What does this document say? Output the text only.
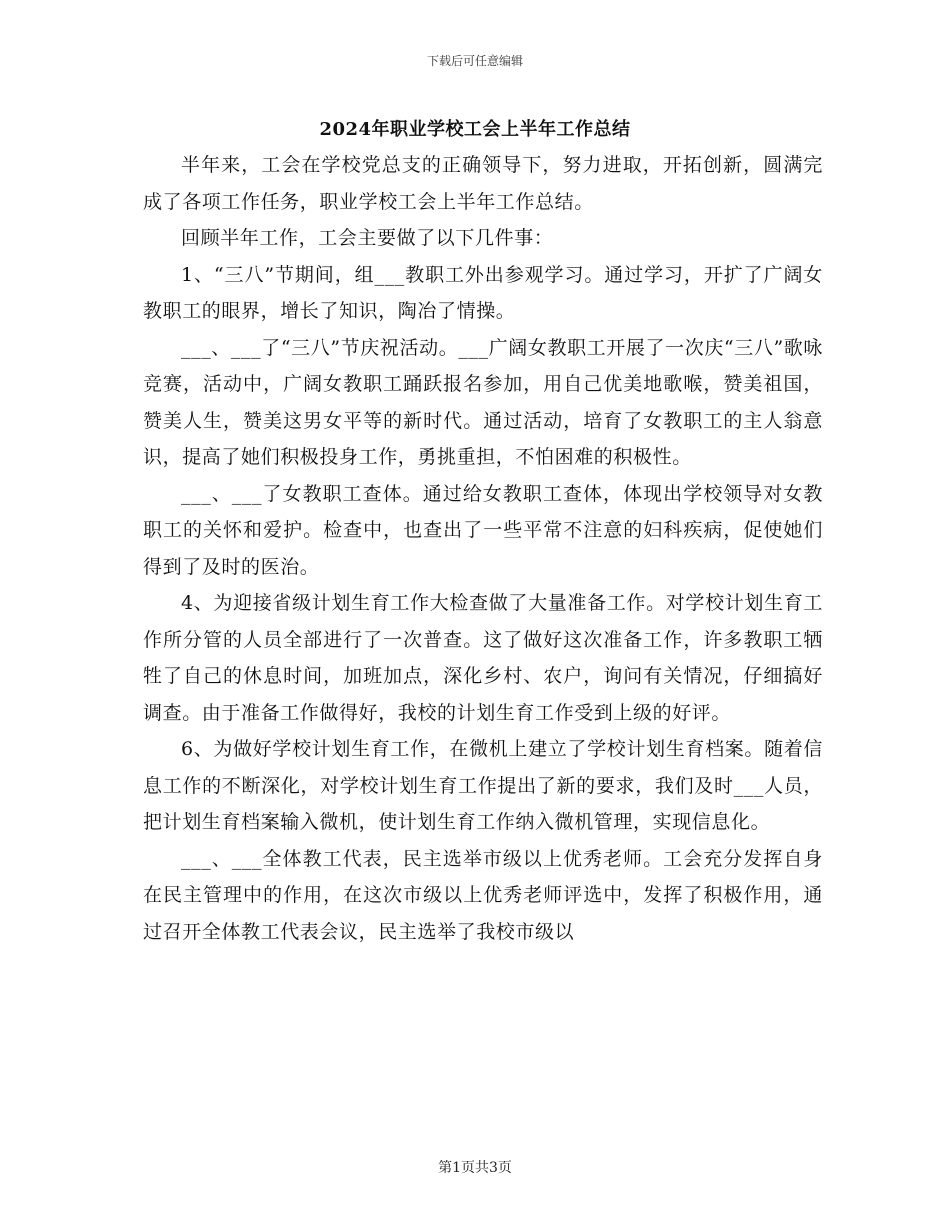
下载后可任意编辑
2024年职业学校工会上半年工作总结

半年来，工会在学校党总支的正确领导下，努力进取，开拓创新，圆满完成了各项工作任务，职业学校工会上半年工作总结。

回顾半年工作，工会主要做了以下几件事：

1、“三八”节期间，组___教职工外出参观学习。通过学习，开扩了广阔女教职工的眼界，增长了知识，陶冶了情操。

___、___了“三八”节庆祝活动。___广阔女教职工开展了一次庆“三八”歌咏竞赛，活动中，广阔女教职工踊跃报名参加，用自己优美地歌喉，赞美祖国，赞美人生，赞美这男女平等的新时代。通过活动，培育了女教职工的主人翁意识，提高了她们积极投身工作，勇挑重担，不怕困难的积极性。

___、___了女教职工查体。通过给女教职工查体，体现出学校领导对女教职工的关怀和爱护。检查中，也查出了一些平常不注意的妇科疾病，促使她们得到了及时的医治。

4、为迎接省级计划生育工作大检查做了大量准备工作。对学校计划生育工作所分管的人员全部进行了一次普查。这了做好这次准备工作，许多教职工牺牲了自己的休息时间，加班加点，深化乡村、农户，询问有关情况，仔细搞好调查。由于准备工作做得好，我校的计划生育工作受到上级的好评。

6、为做好学校计划生育工作，在微机上建立了学校计划生育档案。随着信息工作的不断深化，对学校计划生育工作提出了新的要求，我们及时___人员，把计划生育档案输入微机，使计划生育工作纳入微机管理，实现信息化。

___、___全体教工代表，民主选举市级以上优秀老师。工会充分发挥自身在民主管理中的作用，在这次市级以上优秀老师评选中，发挥了积极作用，通过召开全体教工代表会议，民主选举了我校市级以

第1页共3页
